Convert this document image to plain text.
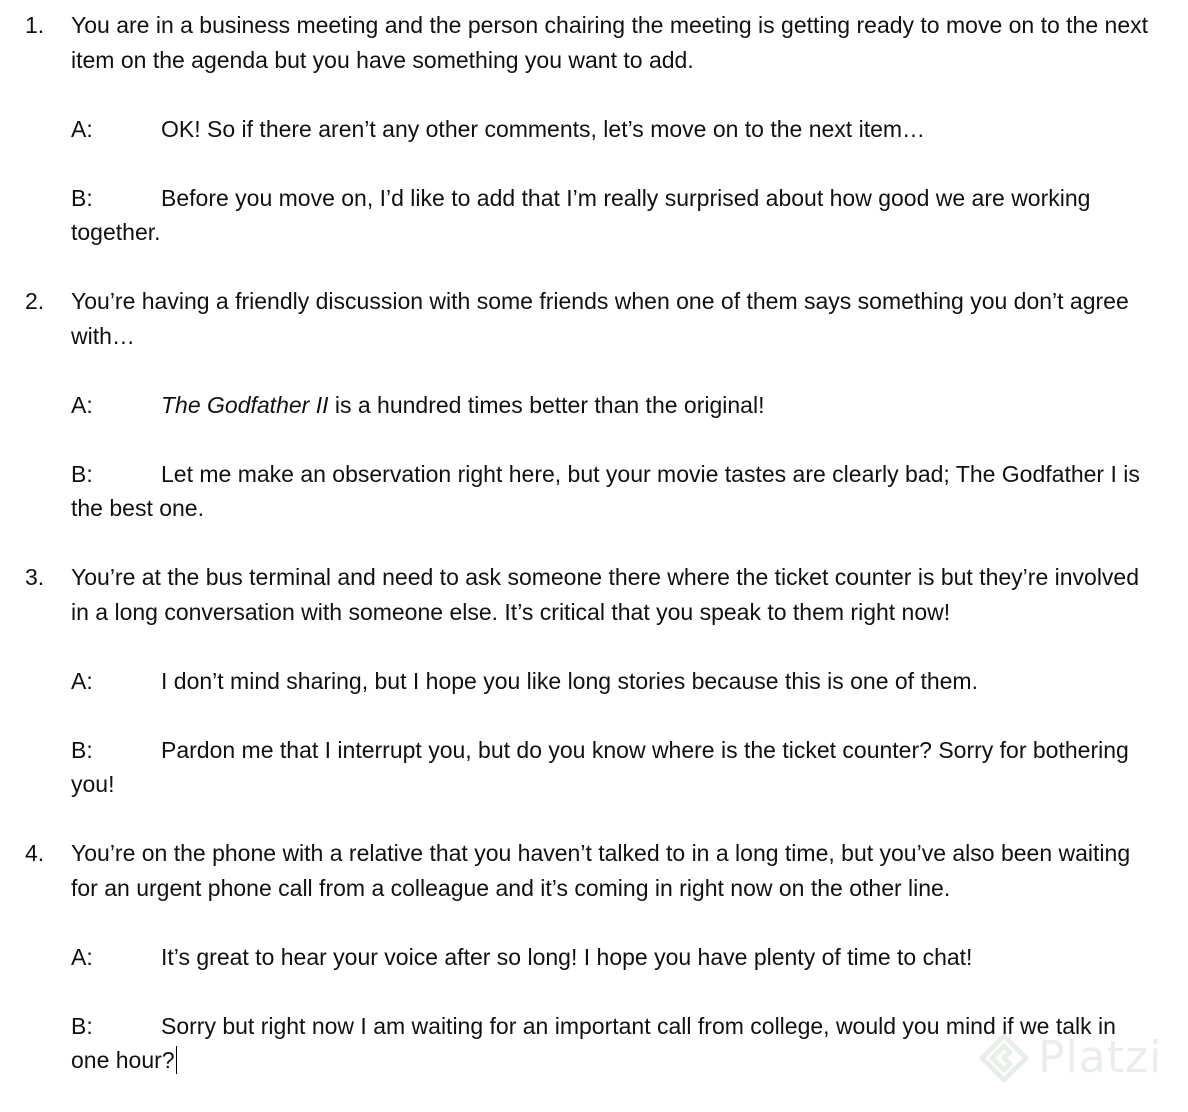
1.	You are in a business meeting and the person chairing the meeting is getting ready to move on to the next item on the agenda but you have something you want to add.
A:	OK! So if there aren’t any other comments, let’s move on to the next item…
B:	Before you move on, I’d like to add that I’m really surprised about how good we are working together.
2.	You’re having a friendly discussion with some friends when one of them says something you don’t agree with…
A:	The Godfather II is a hundred times better than the original!
B:	Let me make an observation right here, but your movie tastes are clearly bad; The Godfather I is the best one.
3.	You’re at the bus terminal and need to ask someone there where the ticket counter is but they’re involved in a long conversation with someone else. It’s critical that you speak to them right now!
A:	I don’t mind sharing, but I hope you like long stories because this is one of them.
B:	Pardon me that I interrupt you, but do you know where is the ticket counter? Sorry for bothering you!
4.	You’re on the phone with a relative that you haven’t talked to in a long time, but you’ve also been waiting for an urgent phone call from a colleague and it’s coming in right now on the other line.
A:	It’s great to hear your voice after so long! I hope you have plenty of time to chat!
B:	Sorry but right now I am waiting for an important call from college, would you mind if we talk in one hour?	Platzi
